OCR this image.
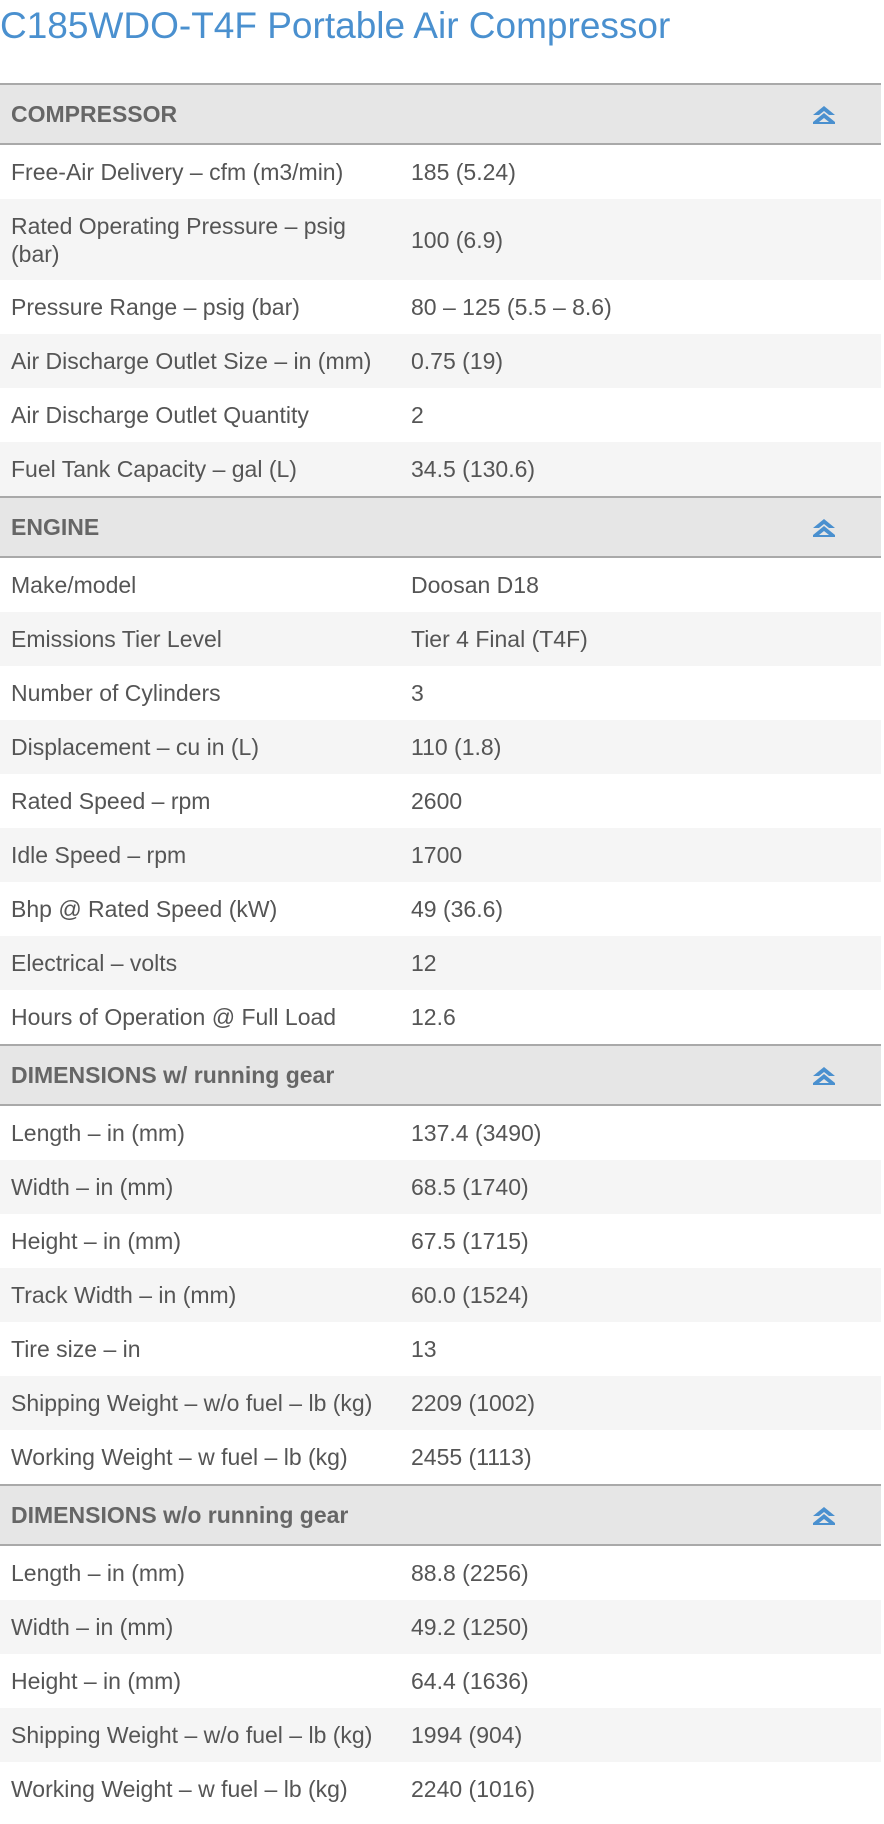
C185WDO-T4F Portable Air Compressor
COMPRESSOR	

Free-Air Delivery – cfm (m3/min)	185 (5.24)
Rated Operating Pressure – psig (bar)	100 (6.9)
Pressure Range – psig (bar)	80 – 125 (5.5 – 8.6)
Air Discharge Outlet Size – in (mm)	0.75 (19)
Air Discharge Outlet Quantity	2
Fuel Tank Capacity – gal (L)	34.5 (130.6)
ENGINE	

Make/model	Doosan D18
Emissions Tier Level	Tier 4 Final (T4F)
Number of Cylinders	3
Displacement – cu in (L)	110 (1.8)
Rated Speed – rpm	2600
Idle Speed – rpm	1700
Bhp @ Rated Speed (kW)	49 (36.6)
Electrical – volts	12
Hours of Operation @ Full Load	12.6
DIMENSIONS w/ running gear	

Length – in (mm)	137.4 (3490)
Width – in (mm)	68.5 (1740)
Height – in (mm)	67.5 (1715)
Track Width – in (mm)	60.0 (1524)
Tire size – in	13
Shipping Weight – w/o fuel – lb (kg)	2209 (1002)
Working Weight – w fuel – lb (kg)	2455 (1113)
DIMENSIONS w/o running gear	

Length – in (mm)	88.8 (2256)
Width – in (mm)	49.2 (1250)
Height – in (mm)	64.4 (1636)
Shipping Weight – w/o fuel – lb (kg)	1994 (904)
Working Weight – w fuel – lb (kg)	2240 (1016)
